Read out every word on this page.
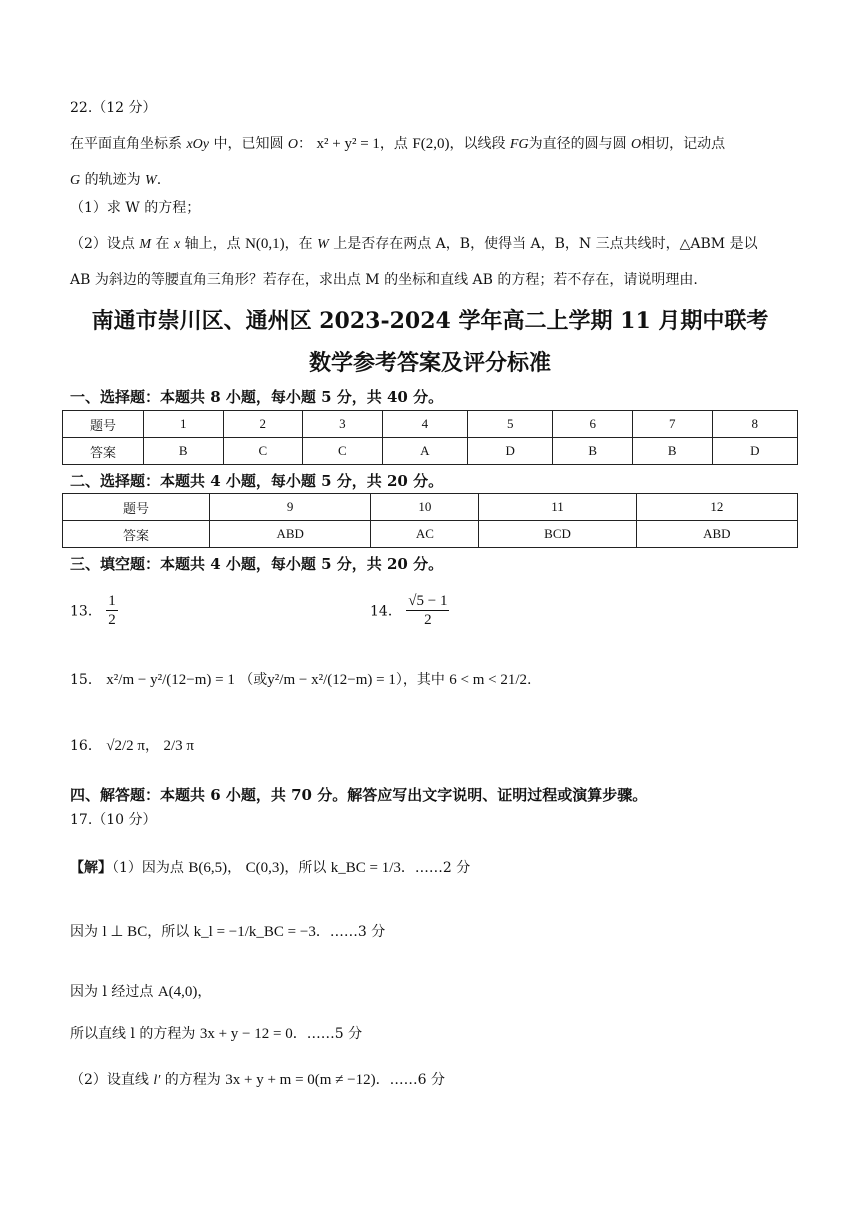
22.（12 分）
在平面直角坐标系 xOy 中，已知圆 O： x² + y² = 1，点 F(2,0)，以线段 FG为直径的圆与圆 O相切，记动点
G 的轨迹为 W.
（1）求 W 的方程；
（2）设点 M 在 x 轴上，点 N(0,1)，在 W 上是否存在两点 A，B，使得当 A，B，N 三点共线时，△ABM 是以
AB 为斜边的等腰直角三角形？若存在，求出点 M 的坐标和直线 AB 的方程；若不存在，请说明理由.
南通市崇川区、通州区 2023-2024 学年高二上学期 11 月期中联考
数学参考答案及评分标准
一、选择题：本题共 8 小题，每小题 5 分，共 40 分。
题号	1	2	3	4	5	6	7	8
答案	B	C	C	A	D	B	B	D
二、选择题：本题共 4 小题，每小题 5 分，共 20 分。
题号	9	10	11	12
答案	ABD	AC	BCD	ABD
三、填空题：本题共 4 小题，每小题 5 分，共 20 分。
13． $\frac{1}{2}$	14． $\frac{√5 - 1}{2}$
15． x²/m − y²/(12−m) = 1 （或y²/m − x²/(12−m) = 1），其中 6 < m < 21/2.
16． √2/2 π， 2/3 π
四、解答题：本题共 6 小题，共 70 分。解答应写出文字说明、证明过程或演算步骤。
17.（10 分）
【解】（1）因为点 B(6,5)， C(0,3)，所以 k_BC = 1/3．……2 分
因为 l ⊥ BC，所以 k_l = −1/k_BC = −3．……3 分
因为 l 经过点 A(4,0)，
所以直线 l 的方程为 3x + y − 12 = 0．……5 分
（2）设直线 l′ 的方程为 3x + y + m = 0(m ≠ −12)．……6 分
